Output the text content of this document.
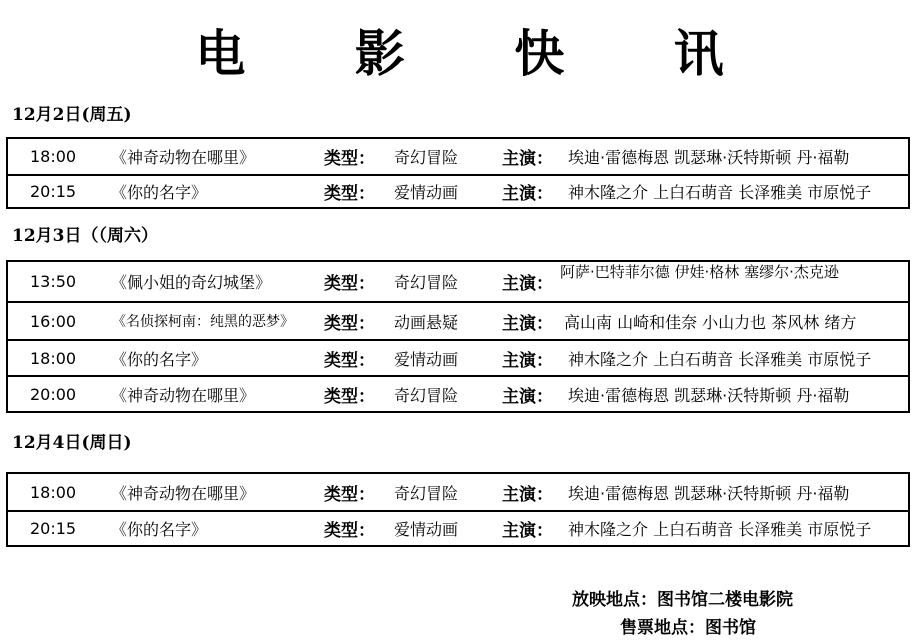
电 影 快 讯
12月2日(周五)
18:00	《神奇动物在哪里》	类型：	奇幻冒险	主演： 埃迪·雷德梅恩 凯瑟琳·沃特斯顿 丹·福勒
20:15	《你的名字》	类型：	爱情动画	主演： 神木隆之介 上白石萌音 长泽雅美 市原悦子
12月3日（（周六）
13:50	《佩小姐的奇幻城堡》	类型：	奇幻冒险	主演：
阿萨·巴特菲尔德 伊娃·格林 塞缪尔·杰克逊
16:00	《名侦探柯南：纯黑的恶梦》	类型：	动画悬疑	主演： 高山南 山崎和佳奈 小山力也 茶风林 绪方
18:00	《你的名字》	类型：	爱情动画	主演： 神木隆之介 上白石萌音 长泽雅美 市原悦子
20:00	《神奇动物在哪里》	类型：	奇幻冒险	主演： 埃迪·雷德梅恩 凯瑟琳·沃特斯顿 丹·福勒
12月4日(周日)
18:00	《神奇动物在哪里》	类型：	奇幻冒险	主演： 埃迪·雷德梅恩 凯瑟琳·沃特斯顿 丹·福勒
20:15	《你的名字》	类型：	爱情动画	主演： 神木隆之介 上白石萌音 长泽雅美 市原悦子
放映地点：图书馆二楼电影院
售票地点：图书馆
